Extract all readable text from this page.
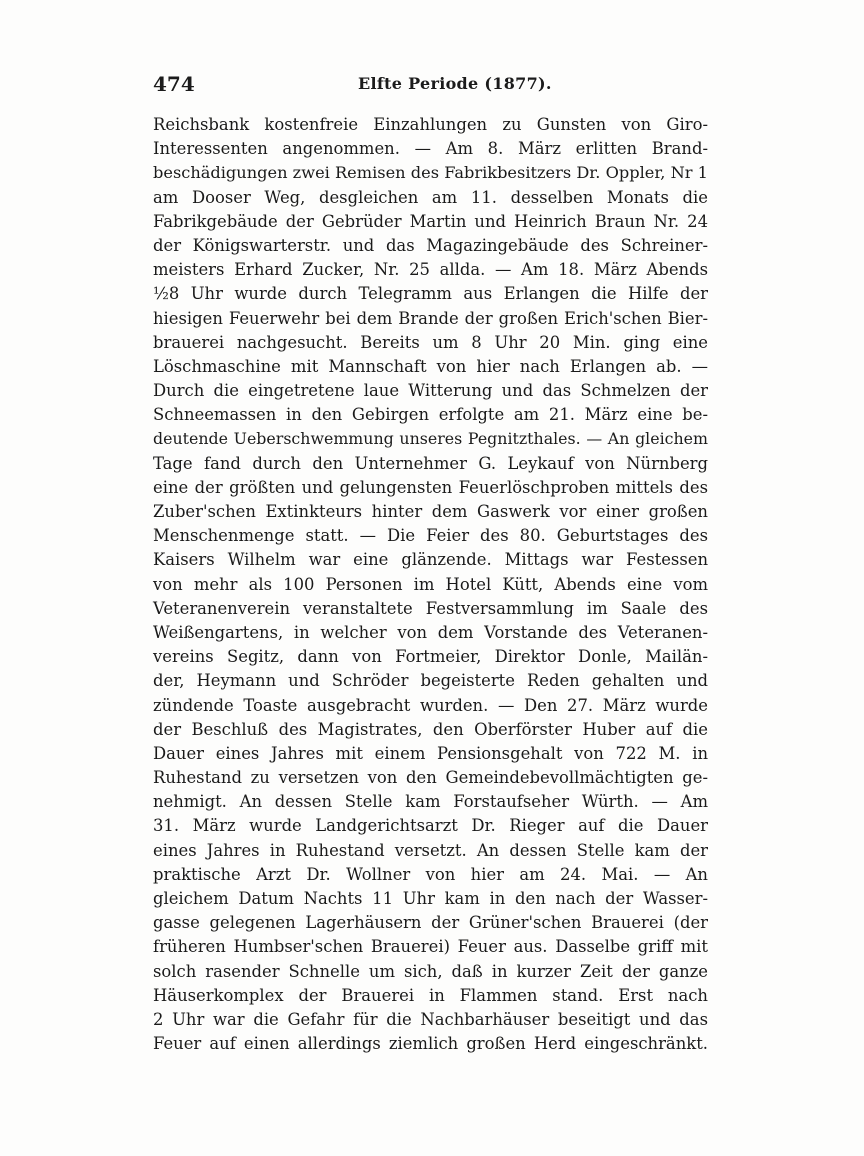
474	Elfte Periode (1877).
Reichsbank kostenfreie Einzahlungen zu Gunsten von Giro-
Interessenten angenommen. — Am 8. März erlitten Brand-
beschädigungen zwei Remisen des Fabrikbesitzers Dr. Oppler, Nr 1
am Dooser Weg, desgleichen am 11. desselben Monats die
Fabrikgebäude der Gebrüder Martin und Heinrich Braun Nr. 24
der Königswarterstr. und das Magazingebäude des Schreiner-
meisters Erhard Zucker, Nr. 25 allda. — Am 18. März Abends
½8 Uhr wurde durch Telegramm aus Erlangen die Hilfe der
hiesigen Feuerwehr bei dem Brande der großen Erich'schen Bier-
brauerei nachgesucht. Bereits um 8 Uhr 20 Min. ging eine
Löschmaschine mit Mannschaft von hier nach Erlangen ab. —
Durch die eingetretene laue Witterung und das Schmelzen der
Schneemassen in den Gebirgen erfolgte am 21. März eine be-
deutende Ueberschwemmung unseres Pegnitzthales. — An gleichem
Tage fand durch den Unternehmer G. Leykauf von Nürnberg
eine der größten und gelungensten Feuerlöschproben mittels des
Zuber'schen Extinkteurs hinter dem Gaswerk vor einer großen
Menschenmenge statt. — Die Feier des 80. Geburtstages des
Kaisers Wilhelm war eine glänzende. Mittags war Festessen
von mehr als 100 Personen im Hotel Kütt, Abends eine vom
Veteranenverein veranstaltete Festversammlung im Saale des
Weißengartens, in welcher von dem Vorstande des Veteranen-
vereins Segitz, dann von Fortmeier, Direktor Donle, Mailän-
der, Heymann und Schröder begeisterte Reden gehalten und
zündende Toaste ausgebracht wurden. — Den 27. März wurde
der Beschluß des Magistrates, den Oberförster Huber auf die
Dauer eines Jahres mit einem Pensionsgehalt von 722 M. in
Ruhestand zu versetzen von den Gemeindebevollmächtigten ge-
nehmigt. An dessen Stelle kam Forstaufseher Würth. — Am
31. März wurde Landgerichtsarzt Dr. Rieger auf die Dauer
eines Jahres in Ruhestand versetzt. An dessen Stelle kam der
praktische Arzt Dr. Wollner von hier am 24. Mai. — An
gleichem Datum Nachts 11 Uhr kam in den nach der Wasser-
gasse gelegenen Lagerhäusern der Grüner'schen Brauerei (der
früheren Humbser'schen Brauerei) Feuer aus. Dasselbe griff mit
solch rasender Schnelle um sich, daß in kurzer Zeit der ganze
Häuserkomplex der Brauerei in Flammen stand. Erst nach
2 Uhr war die Gefahr für die Nachbarhäuser beseitigt und das
Feuer auf einen allerdings ziemlich großen Herd eingeschränkt.
